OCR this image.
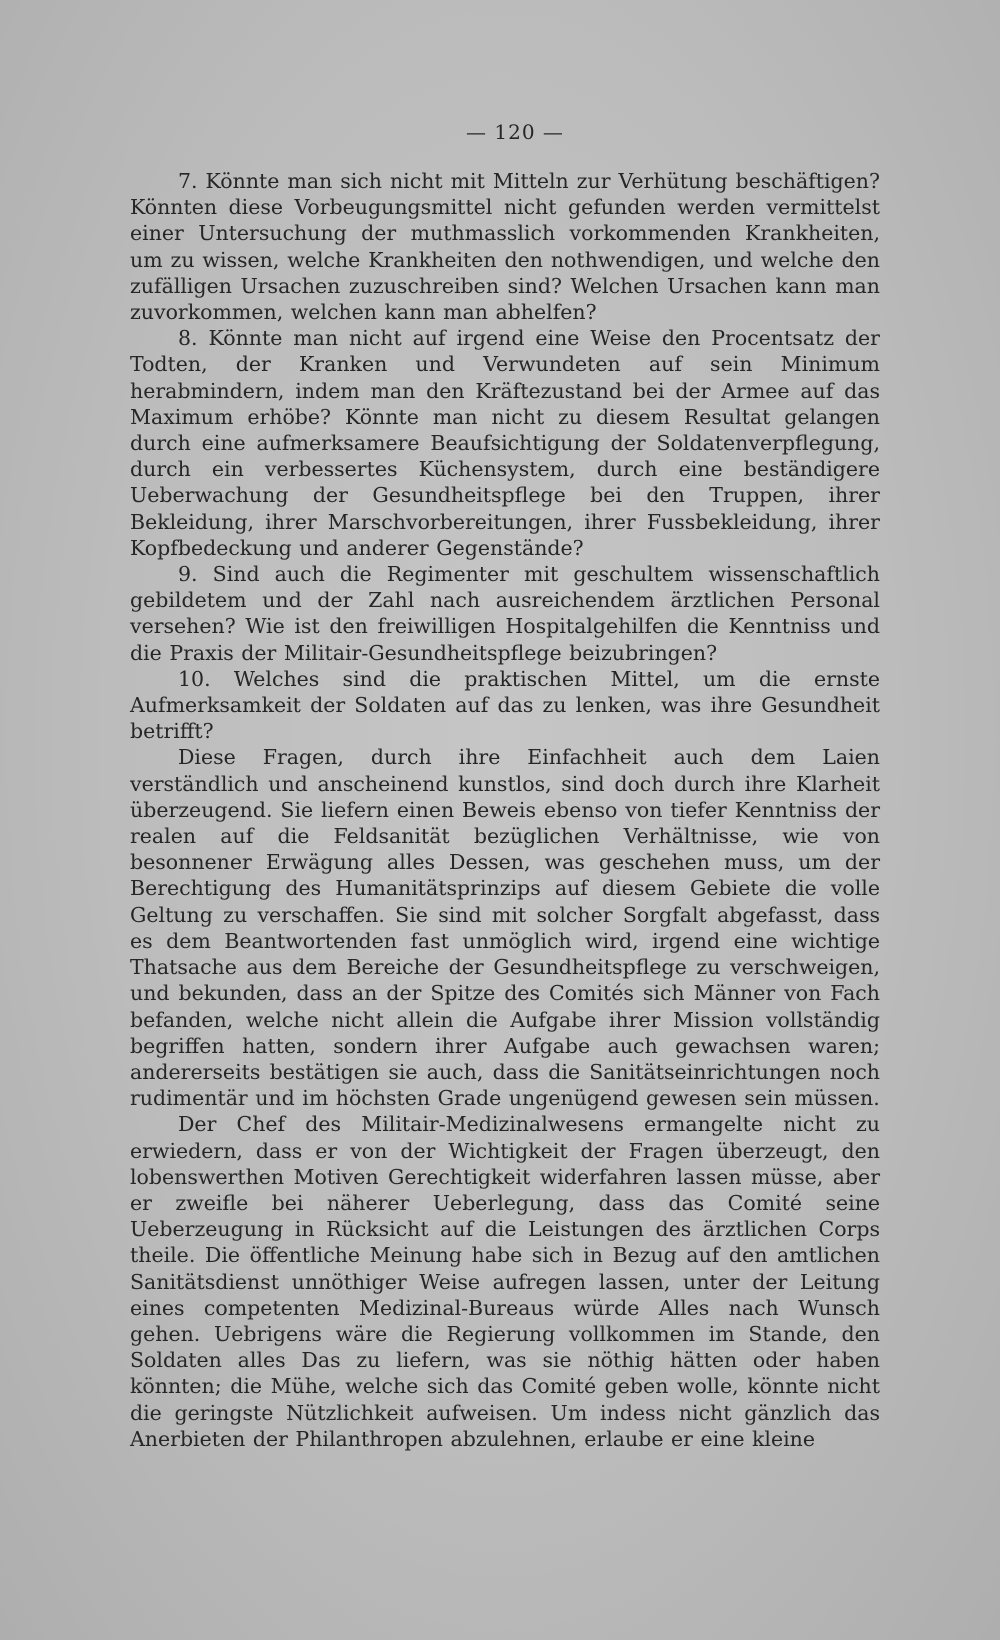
— 120 —

7. Könnte man sich nicht mit Mitteln zur Verhütung beschäftigen? Könnten diese Vorbeugungsmittel nicht gefunden werden vermittelst einer Untersuchung der muthmasslich vorkommenden Krankheiten, um zu wissen, welche Krankheiten den nothwendigen, und welche den zufälligen Ursachen zuzuschreiben sind? Welchen Ursachen kann man zuvorkommen, welchen kann man abhelfen?

8. Könnte man nicht auf irgend eine Weise den Procentsatz der Todten, der Kranken und Verwundeten auf sein Minimum herabmindern, indem man den Kräftezustand bei der Armee auf das Maximum erhöbe? Könnte man nicht zu diesem Resultat gelangen durch eine aufmerksamere Beaufsichtigung der Soldatenverpflegung, durch ein verbessertes Küchensystem, durch eine beständigere Ueberwachung der Gesundheitspflege bei den Truppen, ihrer Bekleidung, ihrer Marschvorbereitungen, ihrer Fussbekleidung, ihrer Kopfbedeckung und anderer Gegenstände?

9. Sind auch die Regimenter mit geschultem wissenschaftlich gebildetem und der Zahl nach ausreichendem ärztlichen Personal versehen? Wie ist den freiwilligen Hospitalgehilfen die Kenntniss und die Praxis der Militair-Gesundheitspflege beizubringen?

10. Welches sind die praktischen Mittel, um die ernste Aufmerksamkeit der Soldaten auf das zu lenken, was ihre Gesundheit betrifft?

Diese Fragen, durch ihre Einfachheit auch dem Laien verständlich und anscheinend kunstlos, sind doch durch ihre Klarheit überzeugend. Sie liefern einen Beweis ebenso von tiefer Kenntniss der realen auf die Feldsanität bezüglichen Verhältnisse, wie von besonnener Erwägung alles Dessen, was geschehen muss, um der Berechtigung des Humanitätsprinzips auf diesem Gebiete die volle Geltung zu verschaffen. Sie sind mit solcher Sorgfalt abgefasst, dass es dem Beantwortenden fast unmöglich wird, irgend eine wichtige Thatsache aus dem Bereiche der Gesundheitspflege zu verschweigen, und bekunden, dass an der Spitze des Comités sich Männer von Fach befanden, welche nicht allein die Aufgabe ihrer Mission vollständig begriffen hatten, sondern ihrer Aufgabe auch gewachsen waren; andererseits bestätigen sie auch, dass die Sanitätseinrichtungen noch rudimentär und im höchsten Grade ungenügend gewesen sein müssen.

Der Chef des Militair-Medizinalwesens ermangelte nicht zu erwiedern, dass er von der Wichtigkeit der Fragen überzeugt, den lobenswerthen Motiven Gerechtigkeit widerfahren lassen müsse, aber er zweifle bei näherer Ueberlegung, dass das Comité seine Ueberzeugung in Rücksicht auf die Leistungen des ärztlichen Corps theile. Die öffentliche Meinung habe sich in Bezug auf den amtlichen Sanitätsdienst unnöthiger Weise aufregen lassen, unter der Leitung eines competenten Medizinal-Bureaus würde Alles nach Wunsch gehen. Uebrigens wäre die Regierung vollkommen im Stande, den Soldaten alles Das zu liefern, was sie nöthig hätten oder haben könnten; die Mühe, welche sich das Comité geben wolle, könnte nicht die geringste Nützlichkeit aufweisen. Um indess nicht gänzlich das Anerbieten der Philanthropen abzulehnen, erlaube er eine kleine
